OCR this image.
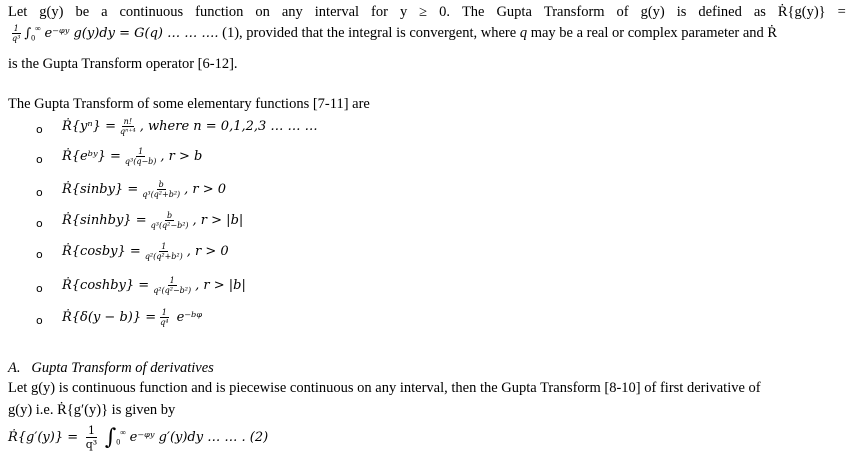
Let g(y) be a continuous function on any interval for y ≥ 0. The Gupta Transform of g(y) is defined as Ṙ{g(y)} =
$\frac{1}{\text{q³}} \int_0^\infty$ e⁻ᵠʸ g(y)dy = G(q) … … …. (1), provided that the integral is convergent, where q may be a real or complex parameter and Ṙ
is the Gupta Transform operator [6-12].
The Gupta Transform of some elementary functions [7-11] are
o Ṙ{yⁿ} = $\frac{n!}{\text{qⁿ⁺⁴}}$ , where n = 0,1,2,3 … … …
o Ṙ{eᵇʸ} = $\frac{1}{\text{q³(q−b)}}$ , r > b
o Ṙ{sinby} = $\frac{b}{\text{q³(q²+b²)}}$ , r > 0
o Ṙ{sinhby} = $\frac{b}{\text{q³(q²−b²)}}$ , r > |b|
o Ṙ{cosby} = $\frac{1}{\text{q²(q²+b²)}}$ , r > 0
o Ṙ{coshby} = $\frac{1}{\text{q²(q²−b²)}}$ , r > |b|
o Ṙ{δ(y − $b)\} = \frac{1}{\text{q⁴}}$ e⁻ᵇᵠ
A. Gupta Transform of derivatives
Let g(y) is continuous function and is piecewise continuous on any interval, then the Gupta Transform [8-10] of first derivative of
g(y) i.e. Ṙ{g′(y)} is given by
Ṙ{g′(y)} = $\frac{1}{\text{q³}} \int_0^\infty$ e⁻ᵠʸ g′(y)dy … … . (2)
